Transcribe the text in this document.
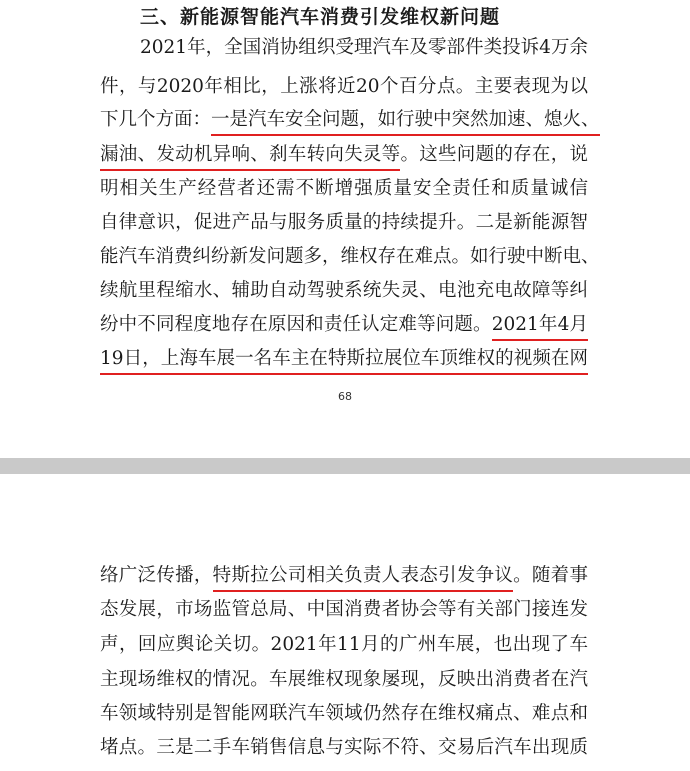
三、新能源智能汽车消费引发维权新问题
2021年，全国消协组织受理汽车及零部件类投诉4万余
件，与2020年相比，上涨将近20个百分点。主要表现为以
下几个方面：一是汽车安全问题，如行驶中突然加速、熄火、
漏油、发动机异响、刹车转向失灵等。这些问题的存在，说
明相关生产经营者还需不断增强质量安全责任和质量诚信
自律意识，促进产品与服务质量的持续提升。二是新能源智
能汽车消费纠纷新发问题多，维权存在难点。如行驶中断电、
续航里程缩水、辅助自动驾驶系统失灵、电池充电故障等纠
纷中不同程度地存在原因和责任认定难等问题。2021年4月
19日，上海车展一名车主在特斯拉展位车顶维权的视频在网
68
络广泛传播，特斯拉公司相关负责人表态引发争议。随着事
态发展，市场监管总局、中国消费者协会等有关部门接连发
声，回应舆论关切。2021年11月的广州车展，也出现了车
主现场维权的情况。车展维权现象屡现，反映出消费者在汽
车领域特别是智能网联汽车领域仍然存在维权痛点、难点和
堵点。三是二手车销售信息与实际不符、交易后汽车出现质
